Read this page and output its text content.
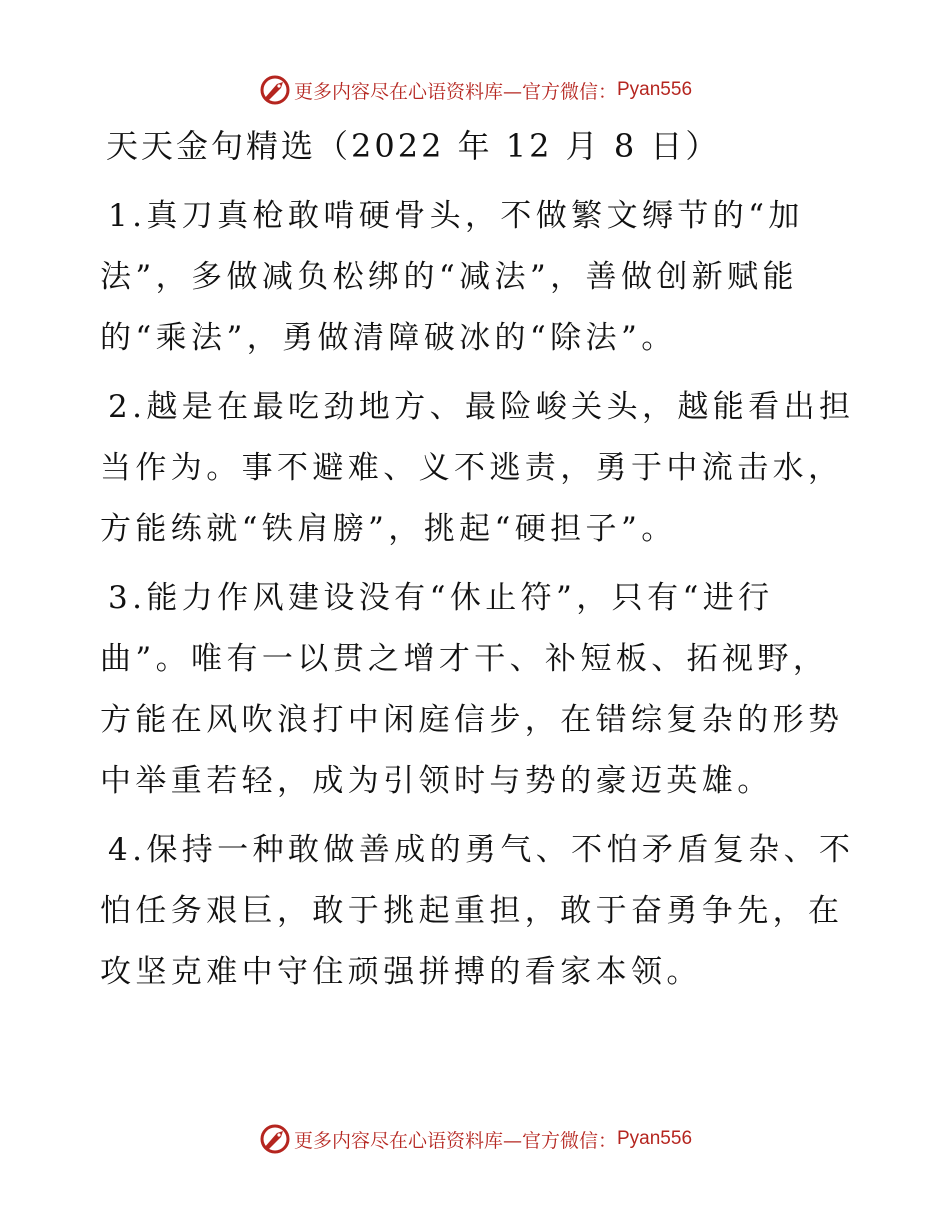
更多内容尽在心语资料库—官方微信： Pyan556
天天金句精选（2022 年 12 月 8 日）

1.真刀真枪敢啃硬骨头，不做繁文缛节的“加法”，多做减负松绑的“减法”，善做创新赋能的“乘法”，勇做清障破冰的“除法”。

2.越是在最吃劲地方、最险峻关头，越能看出担当作为。事不避难、义不逃责，勇于中流击水，方能练就“铁肩膀”，挑起“硬担子”。

3.能力作风建设没有“休止符”，只有“进行曲”。唯有一以贯之增才干、补短板、拓视野，方能在风吹浪打中闲庭信步，在错综复杂的形势中举重若轻，成为引领时与势的豪迈英雄。

4.保持一种敢做善成的勇气、不怕矛盾复杂、不怕任务艰巨，敢于挑起重担，敢于奋勇争先，在攻坚克难中守住顽强拼搏的看家本领。

更多内容尽在心语资料库—官方微信： Pyan556
